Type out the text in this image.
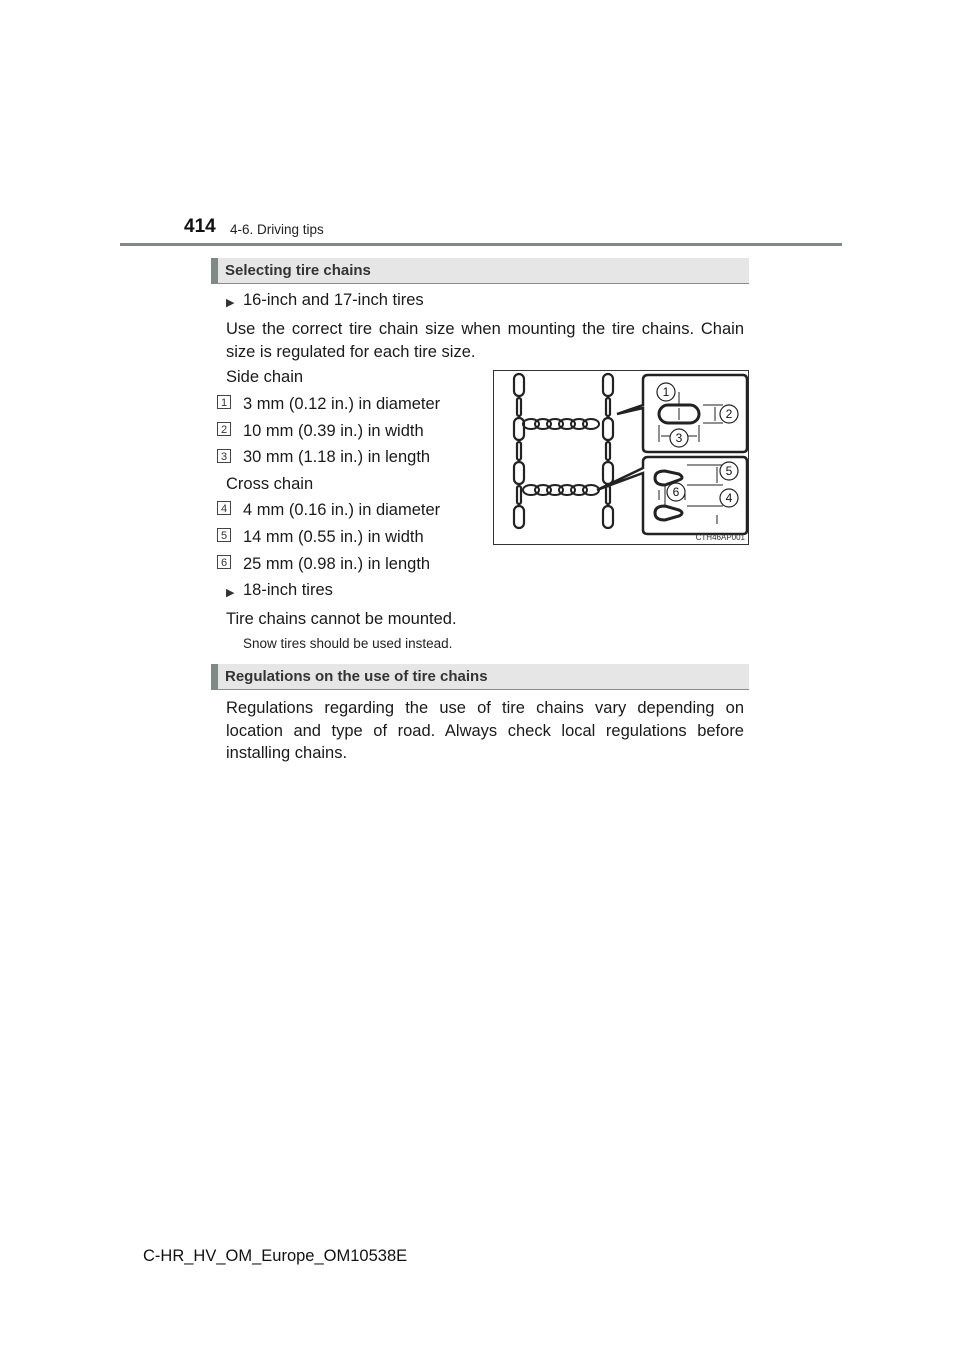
414 4-6. Driving tips
Selecting tire chains
▶ 16-inch and 17-inch tires
Use the correct tire chain size when mounting the tire chains. Chain size is regulated for each tire size.
Side chain
1 3 mm (0.12 in.) in diameter
2 10 mm (0.39 in.) in width
3 30 mm (1.18 in.) in length
Cross chain
4 4 mm (0.16 in.) in diameter
5 14 mm (0.55 in.) in width
6 25 mm (0.98 in.) in length
▶ 18-inch tires
Tire chains cannot be mounted.
Snow tires should be used instead.
Regulations on the use of tire chains
Regulations regarding the use of tire chains vary depending on location and type of road. Always check local regulations before installing chains.
1
2
3
4
5
6
CTH46AP001
C-HR_HV_OM_Europe_OM10538E
